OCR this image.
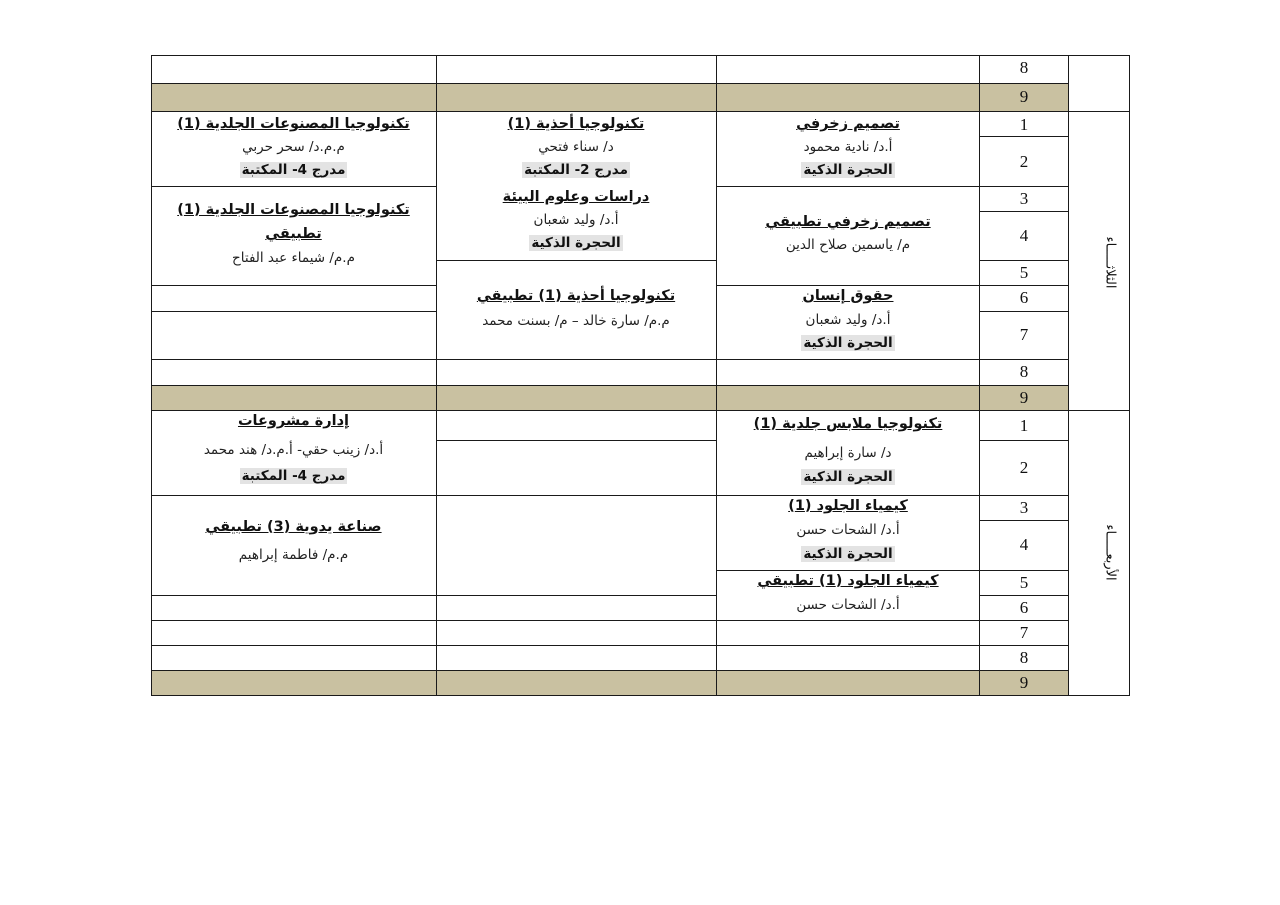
8
9
1
2
3
4
5
6
7
8
9
1
2
3
4
5
6
7
8
9
الثلاثـــــاء
الأربعـــــاء
تصميم زخرفي
أ.د/ نادية محمود
الحجرة الذكية
تكنولوجيا أحذية (1)
د/ سناء فتحي
مدرج 2- المكتبة
تكنولوجيا المصنوعات الجلدية (1)
م.م.د/ سحر حربي
مدرج 4- المكتبة
تصميم زخرفي تطبيقي
م/ ياسمين صلاح الدين
دراسات وعلوم البيئة
أ.د/ وليد شعبان
الحجرة الذكية
تكنولوجيا المصنوعات الجلدية (1)
تطبيقي
م.م/ شيماء عبد الفتاح
حقوق إنسان
أ.د/ وليد شعبان
الحجرة الذكية
تكنولوجيا أحذية (1) تطبيقي
م.م/ سارة خالد – م/ بسنت محمد
تكنولوجيا ملابس جلدية (1)
د/ سارة إبراهيم
الحجرة الذكية
إدارة مشروعات
أ.د/ زينب حقي- أ.م.د/ هند محمد
مدرج 4- المكتبة
كيمياء الجلود (1)
أ.د/ الشحات حسن
الحجرة الذكية
صناعة يدوية (3) تطبيقي
م.م/ فاطمة إبراهيم
كيمياء الجلود (1) تطبيقي
أ.د/ الشحات حسن
